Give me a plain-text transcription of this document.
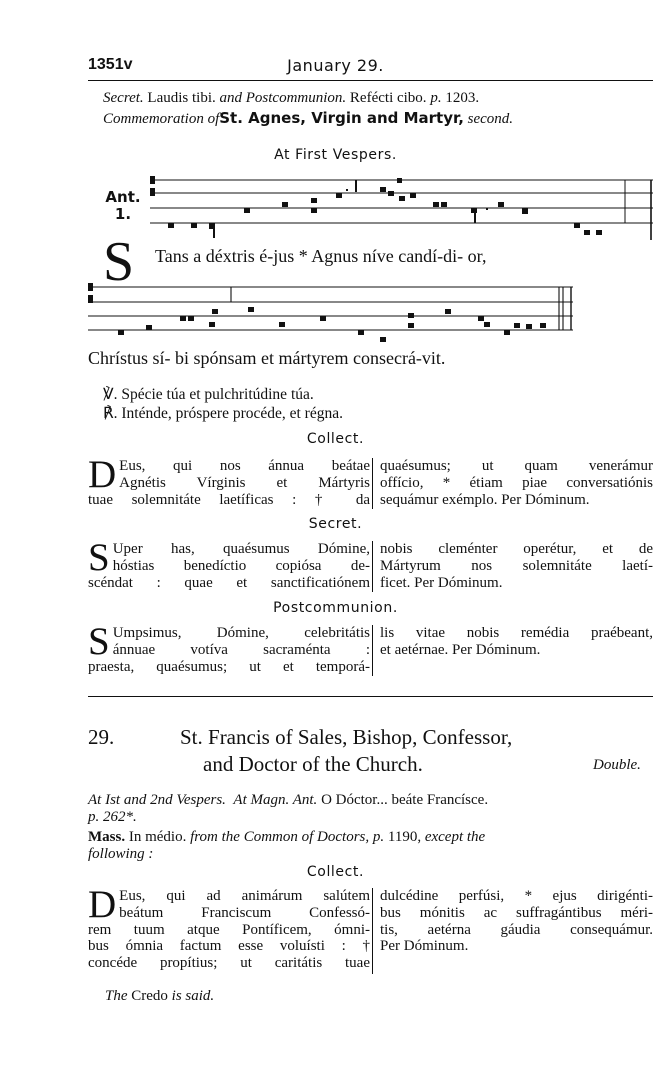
1351v	January 29.
Secret. Laudis tibi. and Postcommunion. Refécti cibo. p. 1203.
Commemoration ofSt. Agnes, Virgin and Martyr, second.
At First Vespers.
Ant.
1.
S Tans a déxtris é-jus * Agnus níve candí-di- or,
Chrístus sí- bi spónsam et mártyrem consecrá-vit.
℣. Spécie túa et pulchritúdine túa.
℟. Inténde, próspere procéde, et régna.
Collect.
D Eus, qui nos ánnua beátae
Agnétis Vírginis et Mártyris
tuae solemnitáte laetíficas : † da
quaésumus; ut quam venerámur
offício, * étiam piae conversatiónis
sequámur exémplo. Per Dóminum.
Secret.
S Uper has, quaésumus Dómine,
hóstias benedíctio copiósa de-
scéndat : quae et sanctificatiónem
nobis cleménter operétur, et de
Mártyrum nos solemnitáte laetí-
ficet. Per Dóminum.
Postcommunion.
S Umpsimus, Dómine, celebritátis
ánnuae votíva sacraménta :
praesta, quaésumus; ut et temporá-
lis vitae nobis remédia praébeant,
et aetérnae. Per Dóminum.
29.	St. Francis of Sales, Bishop, Confessor,
and Doctor of the Church.	Double.
At Ist and 2nd Vespers. At Magn. Ant. O Dóctor... beáte Francísce.
p. 262*.
Mass. In médio. from the Common of Doctors, p. 1190, except the
following :
Collect.
D Eus, qui ad animárum salútem
beátum Franciscum Confessó-
rem tuum atque Pontíficem, ómni-
bus ómnia factum esse voluísti : †
concéde propítius; ut caritátis tuae
dulcédine perfúsi, * ejus dirigénti-
bus mónitis ac suffragántibus méri-
tis, aetérna gáudia consequámur.
Per Dóminum.
The Credo is said.
